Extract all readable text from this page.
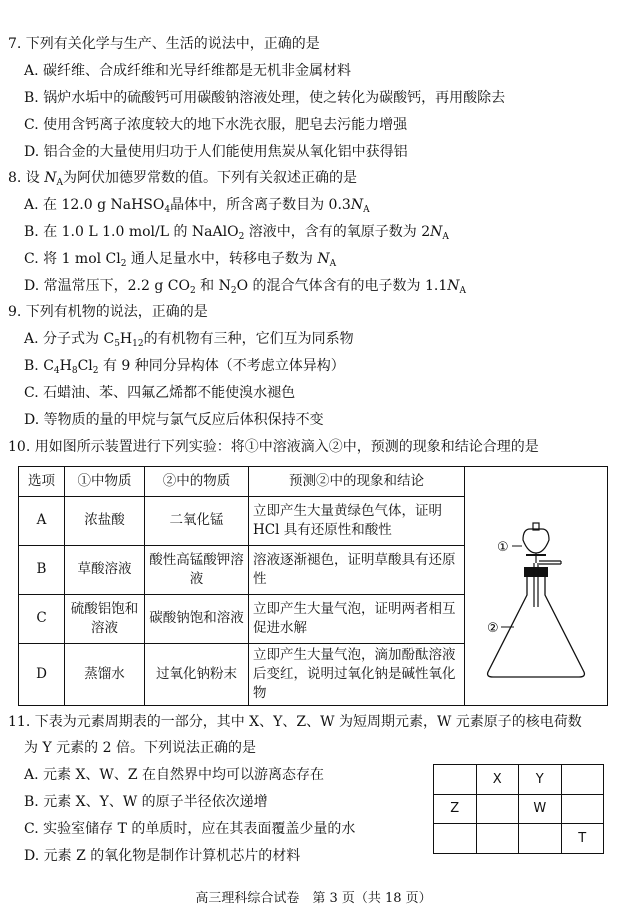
7. 下列有关化学与生产、生活的说法中，正确的是
A. 碳纤维、合成纤维和光导纤维都是无机非金属材料
B. 锅炉水垢中的硫酸钙可用碳酸钠溶液处理，使之转化为碳酸钙，再用酸除去
C. 使用含钙离子浓度较大的地下水洗衣服，肥皂去污能力增强
D. 铝合金的大量使用归功于人们能使用焦炭从氧化铝中获得铝
8. 设 $N_A$为阿伏加德罗常数的值。下列有关叙述正确的是
A. 在 12.0 g NaHSO$_4$晶体中，所含离子数目为 $0.3N_A$
B. 在 1.0 L 1.0 mol/L 的 NaAlO$_2$ 溶液中，含有的氧原子数为 $2N_A$
C. 将 1 mol $Cl_2$ 通人足量水中，转移电子数为 $N_A$
D. 常温常压下，2.2 g $CO_2$ 和 $N_2O$ 的混合气体含有的电子数为 $1.1N_A$
9. 下列有机物的说法，正确的是
A. 分子式为 $C_5H_{12}$的有机物有三种，它们互为同系物
B. $C_4H_8Cl_2$ 有 9 种同分异构体（不考虑立体异构）
C. 石蜡油、苯、四氟乙烯都不能使溴水褪色
D. 等物质的量的甲烷与氯气反应后体积保持不变
10. 用如图所示装置进行下列实验：将①中溶液滴入②中，预测的现象和结论合理的是
选项	①中物质	②中的物质	预测②中的现象和结论	①
②

A	浓盐酸	二氧化锰	立即产生大量黄绿色气体，证明HCl 具有还原性和酸性	
B	草酸溶液	酸性高锰酸钾溶液	溶液逐渐褪色，证明草酸具有还原性	
C	硫酸铝饱和溶液	碳酸钠饱和溶液	立即产生大量气泡，证明两者相互促进水解	
D	蒸馏水	过氧化钠粉末	立即产生大量气泡，滴加酚酞溶液后变红，说明过氧化钠是碱性氧化物	
11. 下表为元素周期表的一部分，其中 X、Y、Z、W 为短周期元素，W 元素原子的核电荷数
为 Y 元素的 2 倍。下列说法正确的是
A. 元素 X、W、Z 在自然界中均可以游离态存在
B. 元素 X、Y、W 的原子半径依次递增
C. 实验室储存 T 的单质时，应在其表面覆盖少量的水
D. 元素 Z 的氧化物是制作计算机芯片的材料
	X	Y	
Z		W	
			T
高三理科综合试卷　第 3 页（共 18 页）
